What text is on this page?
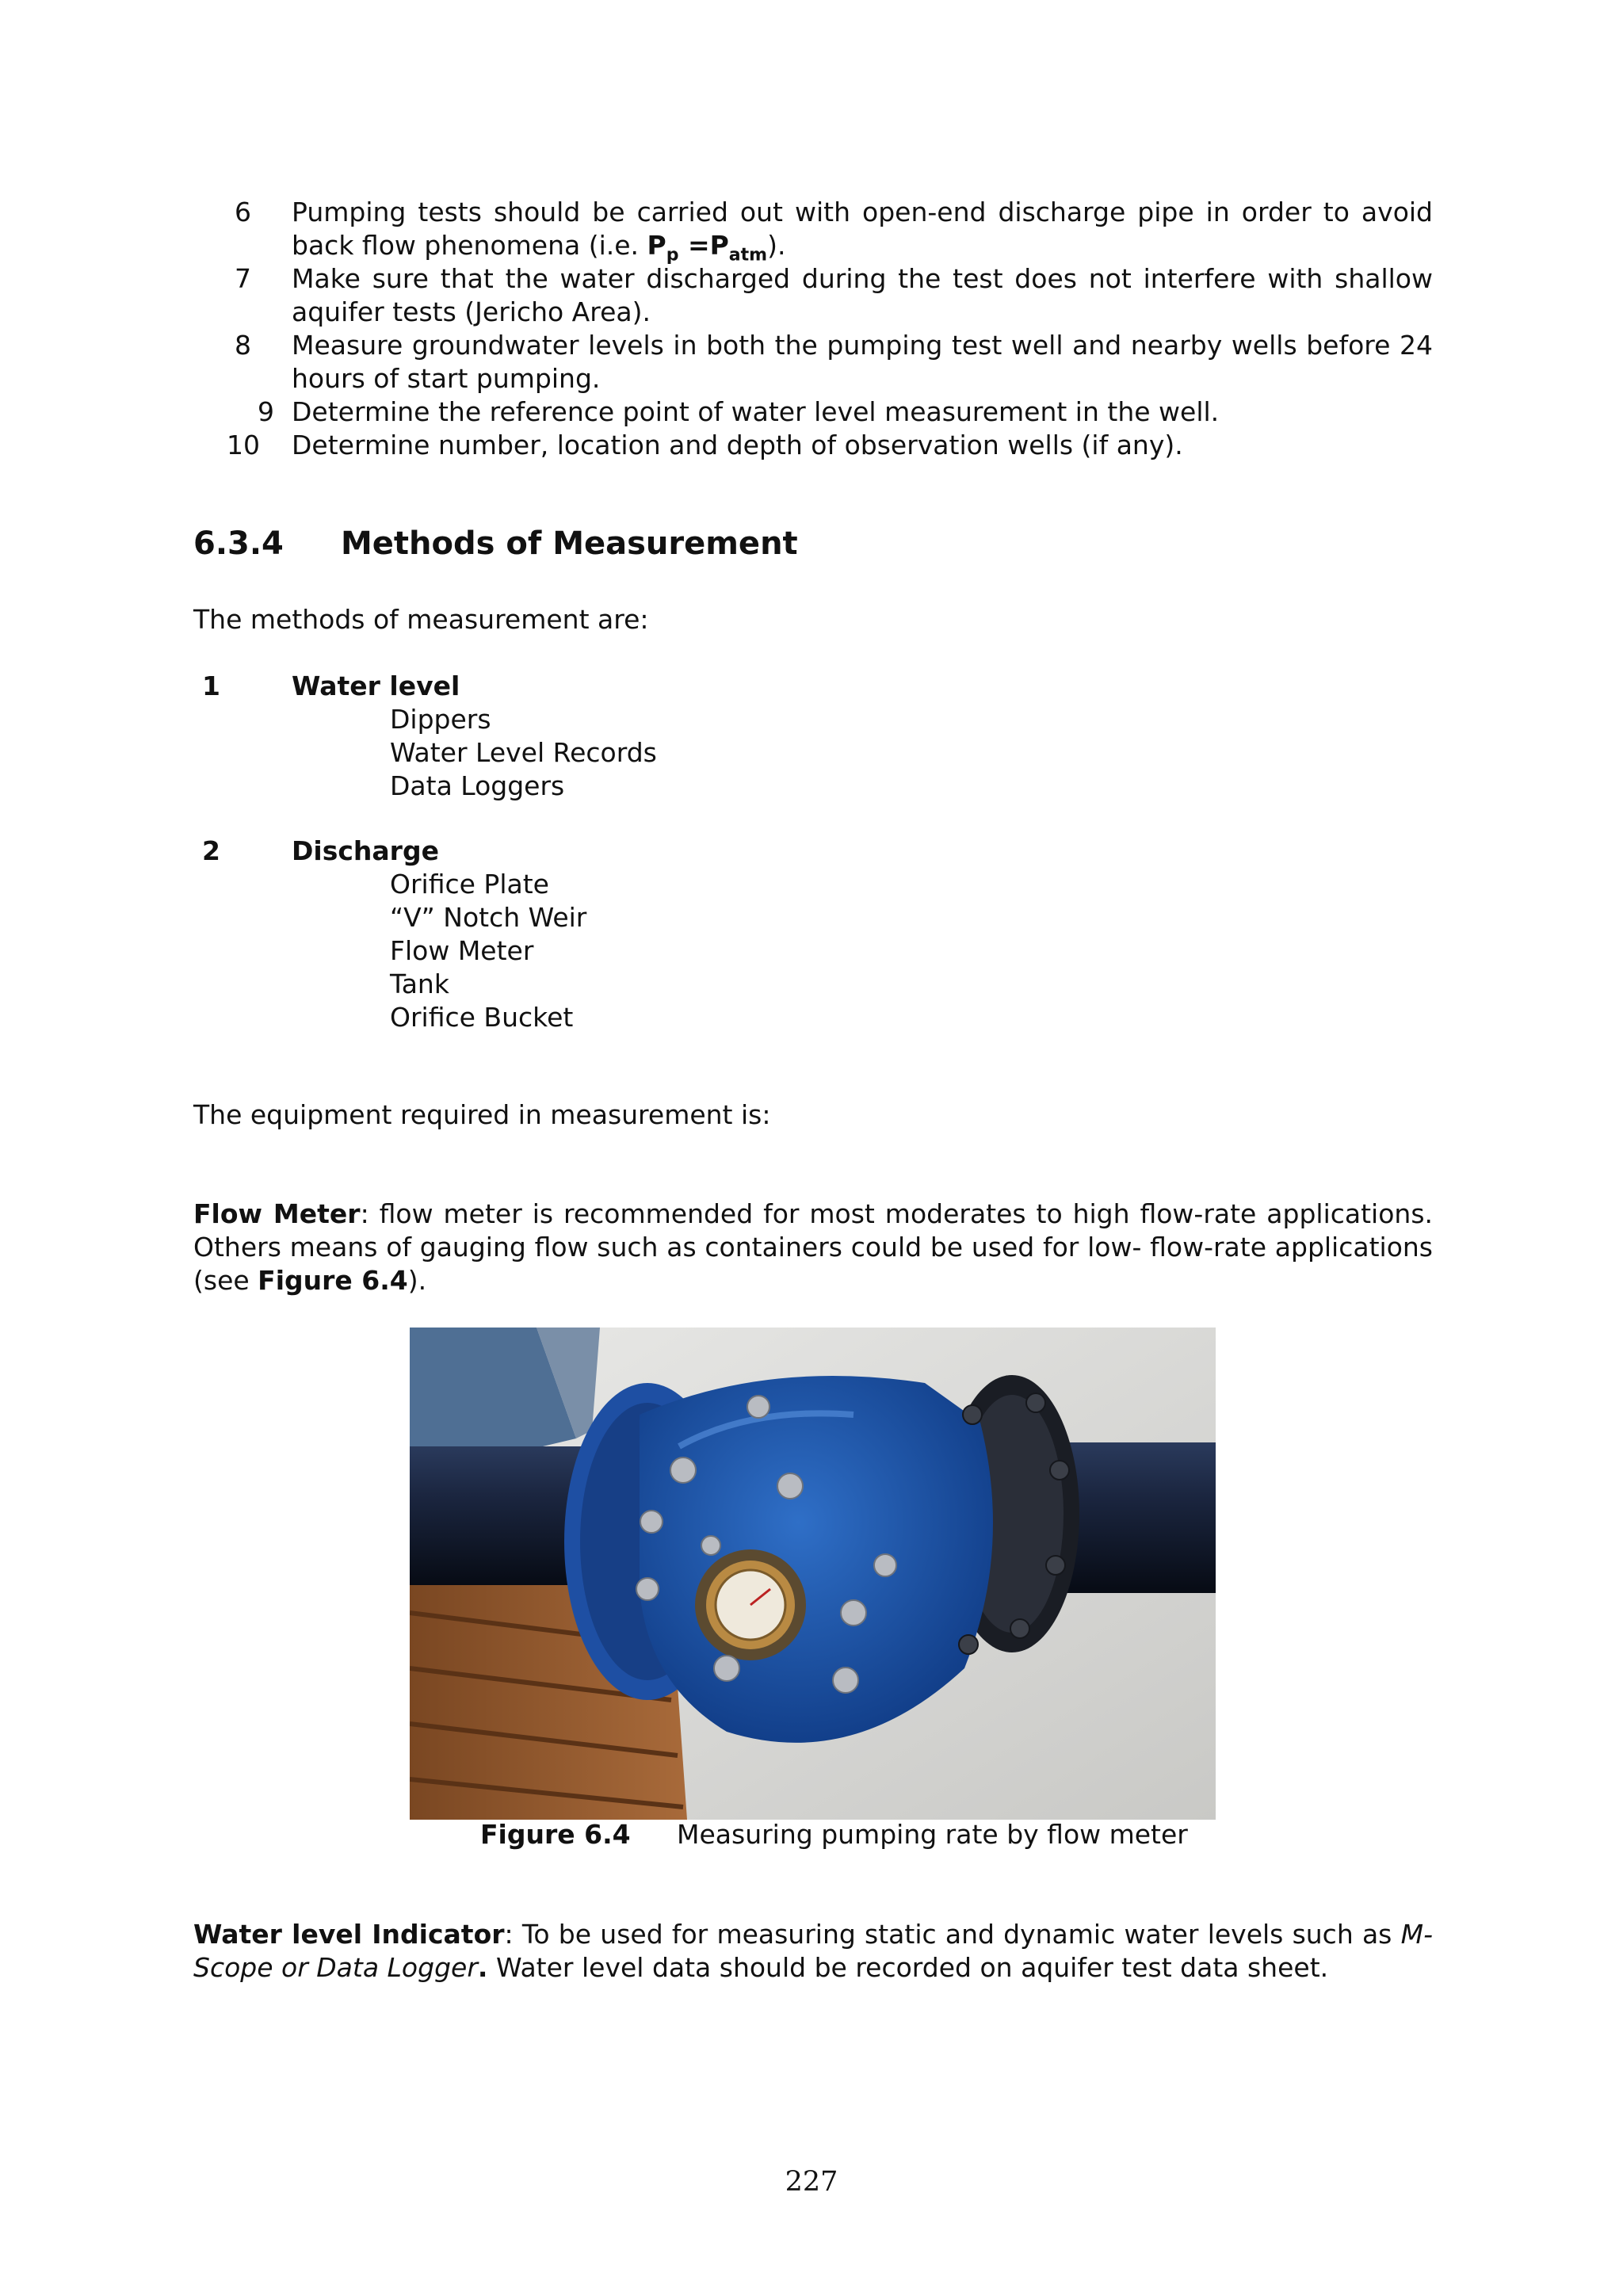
6	Pumping tests should be carried out with open-end discharge pipe in order to avoid back flow phenomena (i.e. $P_p =P_{atm}$).
7	Make sure that the water discharged during the test does not interfere with shallow aquifer tests (Jericho Area).
8	Measure groundwater levels in both the pumping test well and nearby wells before 24 hours of start pumping.
9 Determine the reference point of water level measurement in the well.
10	Determine number, location and depth of observation wells (if any).
6.3.4 Methods of Measurement
The methods of measurement are:
1	Water level
Dippers
Water Level Records
Data Loggers
2	Discharge
Orifice Plate
“V” Notch Weir
Flow Meter
Tank
Orifice Bucket
The equipment required in measurement is:
Flow Meter: flow meter is recommended for most moderates to high flow-rate applications. Others means of gauging flow such as containers could be used for low- flow-rate applications (see Figure 6.4).
Figure 6.4 Measuring pumping rate by flow meter
Water level Indicator: To be used for measuring static and dynamic water levels such as M-Scope or Data Logger. Water level data should be recorded on aquifer test data sheet.
227
